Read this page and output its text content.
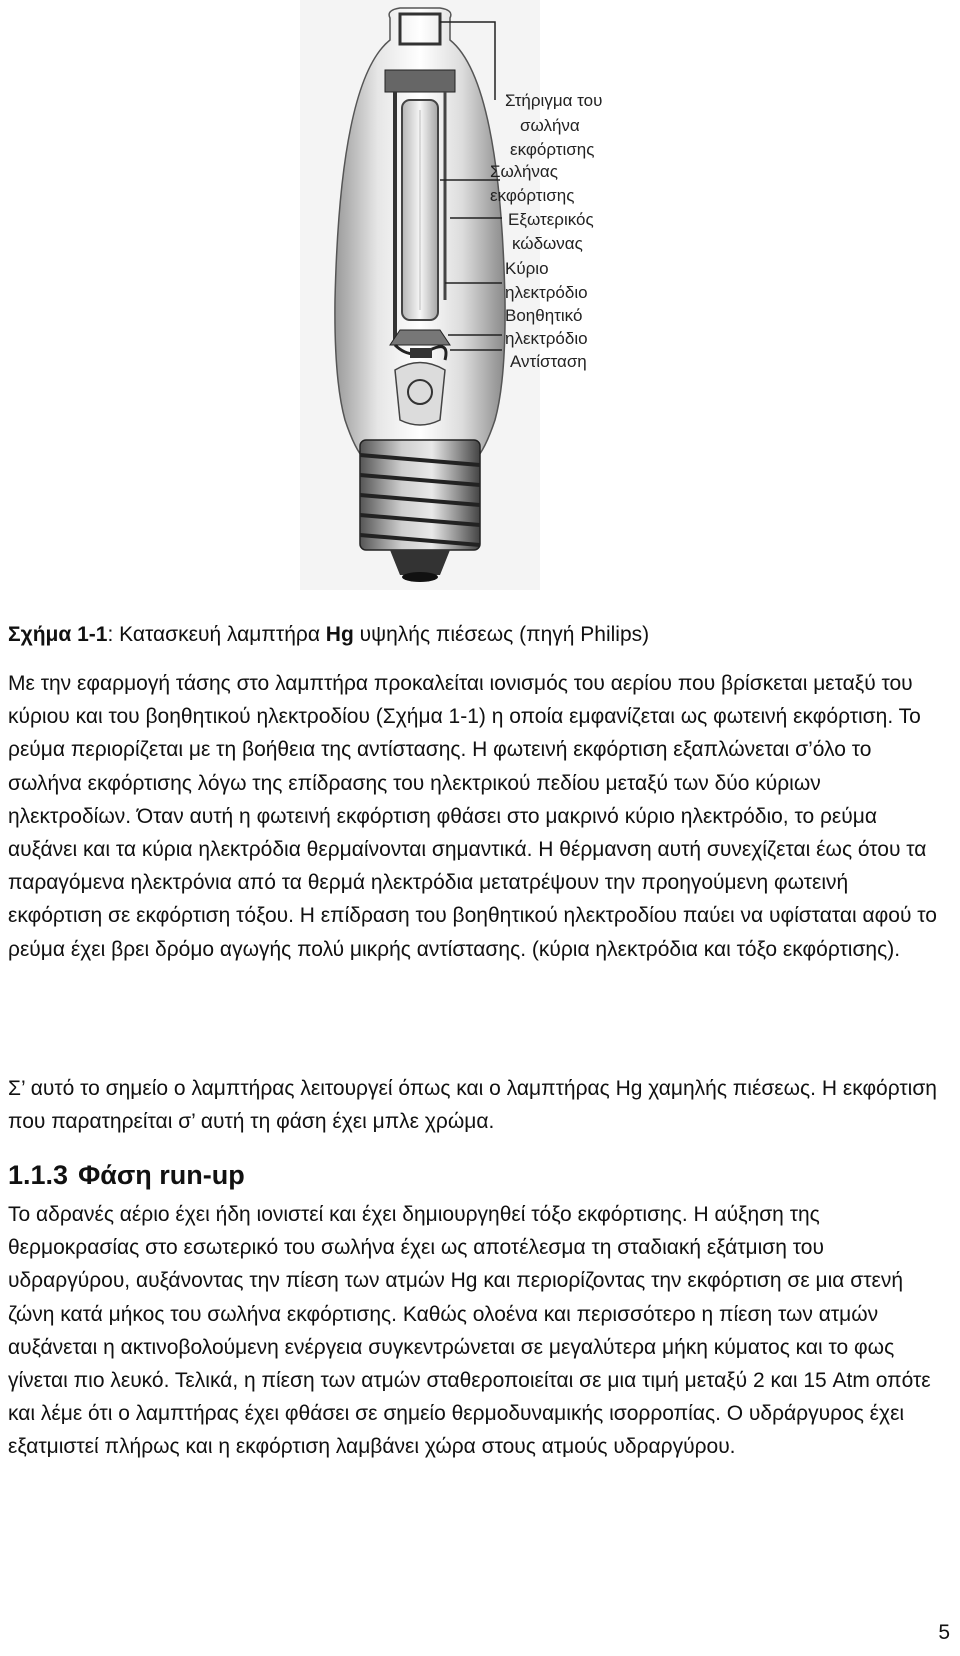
Στήριγμα του
σωλήνα
εκφόρτισης
Σωλήνας
εκφόρτισης
Εξωτερικός
κώδωνας
Κύριο
ηλεκτρόδιο
Βοηθητικό
ηλεκτρόδιο
Αντίσταση
Σχήμα 1-1: Κατασκευή λαμπτήρα Hg υψηλής πιέσεως (πηγή Philips)

Με την εφαρμογή τάσης στο λαμπτήρα προκαλείται ιονισμός του αερίου που βρίσκεται μεταξύ του κύριου και του βοηθητικού ηλεκτροδίου (Σχήμα 1-1) η οποία εμφανίζεται ως φωτεινή εκφόρτιση. Το ρεύμα περιορίζεται με τη βοήθεια της αντίστασης. Η φωτεινή εκφόρτιση εξαπλώνεται σ’όλο το σωλήνα εκφόρτισης λόγω της επίδρασης του ηλεκτρικού πεδίου μεταξύ των δύο κύριων ηλεκτροδίων. Όταν αυτή η φωτεινή εκφόρτιση φθάσει στο μακρινό κύριο ηλεκτρόδιο, το ρεύμα αυξάνει και τα κύρια ηλεκτρόδια θερμαίνονται σημαντικά. Η θέρμανση αυτή συνεχίζεται έως ότου τα παραγόμενα ηλεκτρόνια από τα θερμά ηλεκτρόδια μετατρέψουν την προηγούμενη φωτεινή εκφόρτιση σε εκφόρτιση τόξου. Η επίδραση του βοηθητικού ηλεκτροδίου παύει να υφίσταται αφού το ρεύμα έχει βρει δρόμο αγωγής πολύ μικρής αντίστασης. (κύρια ηλεκτρόδια και τόξο εκφόρτισης).

Σ’ αυτό το σημείο ο λαμπτήρας λειτουργεί όπως και ο λαμπτήρας Hg χαμηλής πιέσεως. Η εκφόρτιση που παρατηρείται σ’ αυτή τη φάση έχει μπλε χρώμα.

1.1.3 Φάση run-up

Το αδρανές αέριο έχει ήδη ιονιστεί και έχει δημιουργηθεί τόξο εκφόρτισης. Η αύξηση της θερμοκρασίας στο εσωτερικό του σωλήνα έχει ως αποτέλεσμα τη σταδιακή εξάτμιση του υδραργύρου, αυξάνοντας την πίεση των ατμών Hg και περιορίζοντας την εκφόρτιση σε μια στενή ζώνη κατά μήκος του σωλήνα εκφόρτισης. Καθώς ολοένα και περισσότερο η πίεση των ατμών αυξάνεται η ακτινοβολούμενη ενέργεια συγκεντρώνεται σε μεγαλύτερα μήκη κύματος και το φως γίνεται πιο λευκό. Τελικά, η πίεση των ατμών σταθεροποιείται σε μια τιμή μεταξύ 2 και 15 Atm οπότε και λέμε ότι ο λαμπτήρας έχει φθάσει σε σημείο θερμοδυναμικής ισορροπίας. Ο υδράργυρος έχει εξατμιστεί πλήρως και η εκφόρτιση λαμβάνει χώρα στους ατμούς υδραργύρου.

5
